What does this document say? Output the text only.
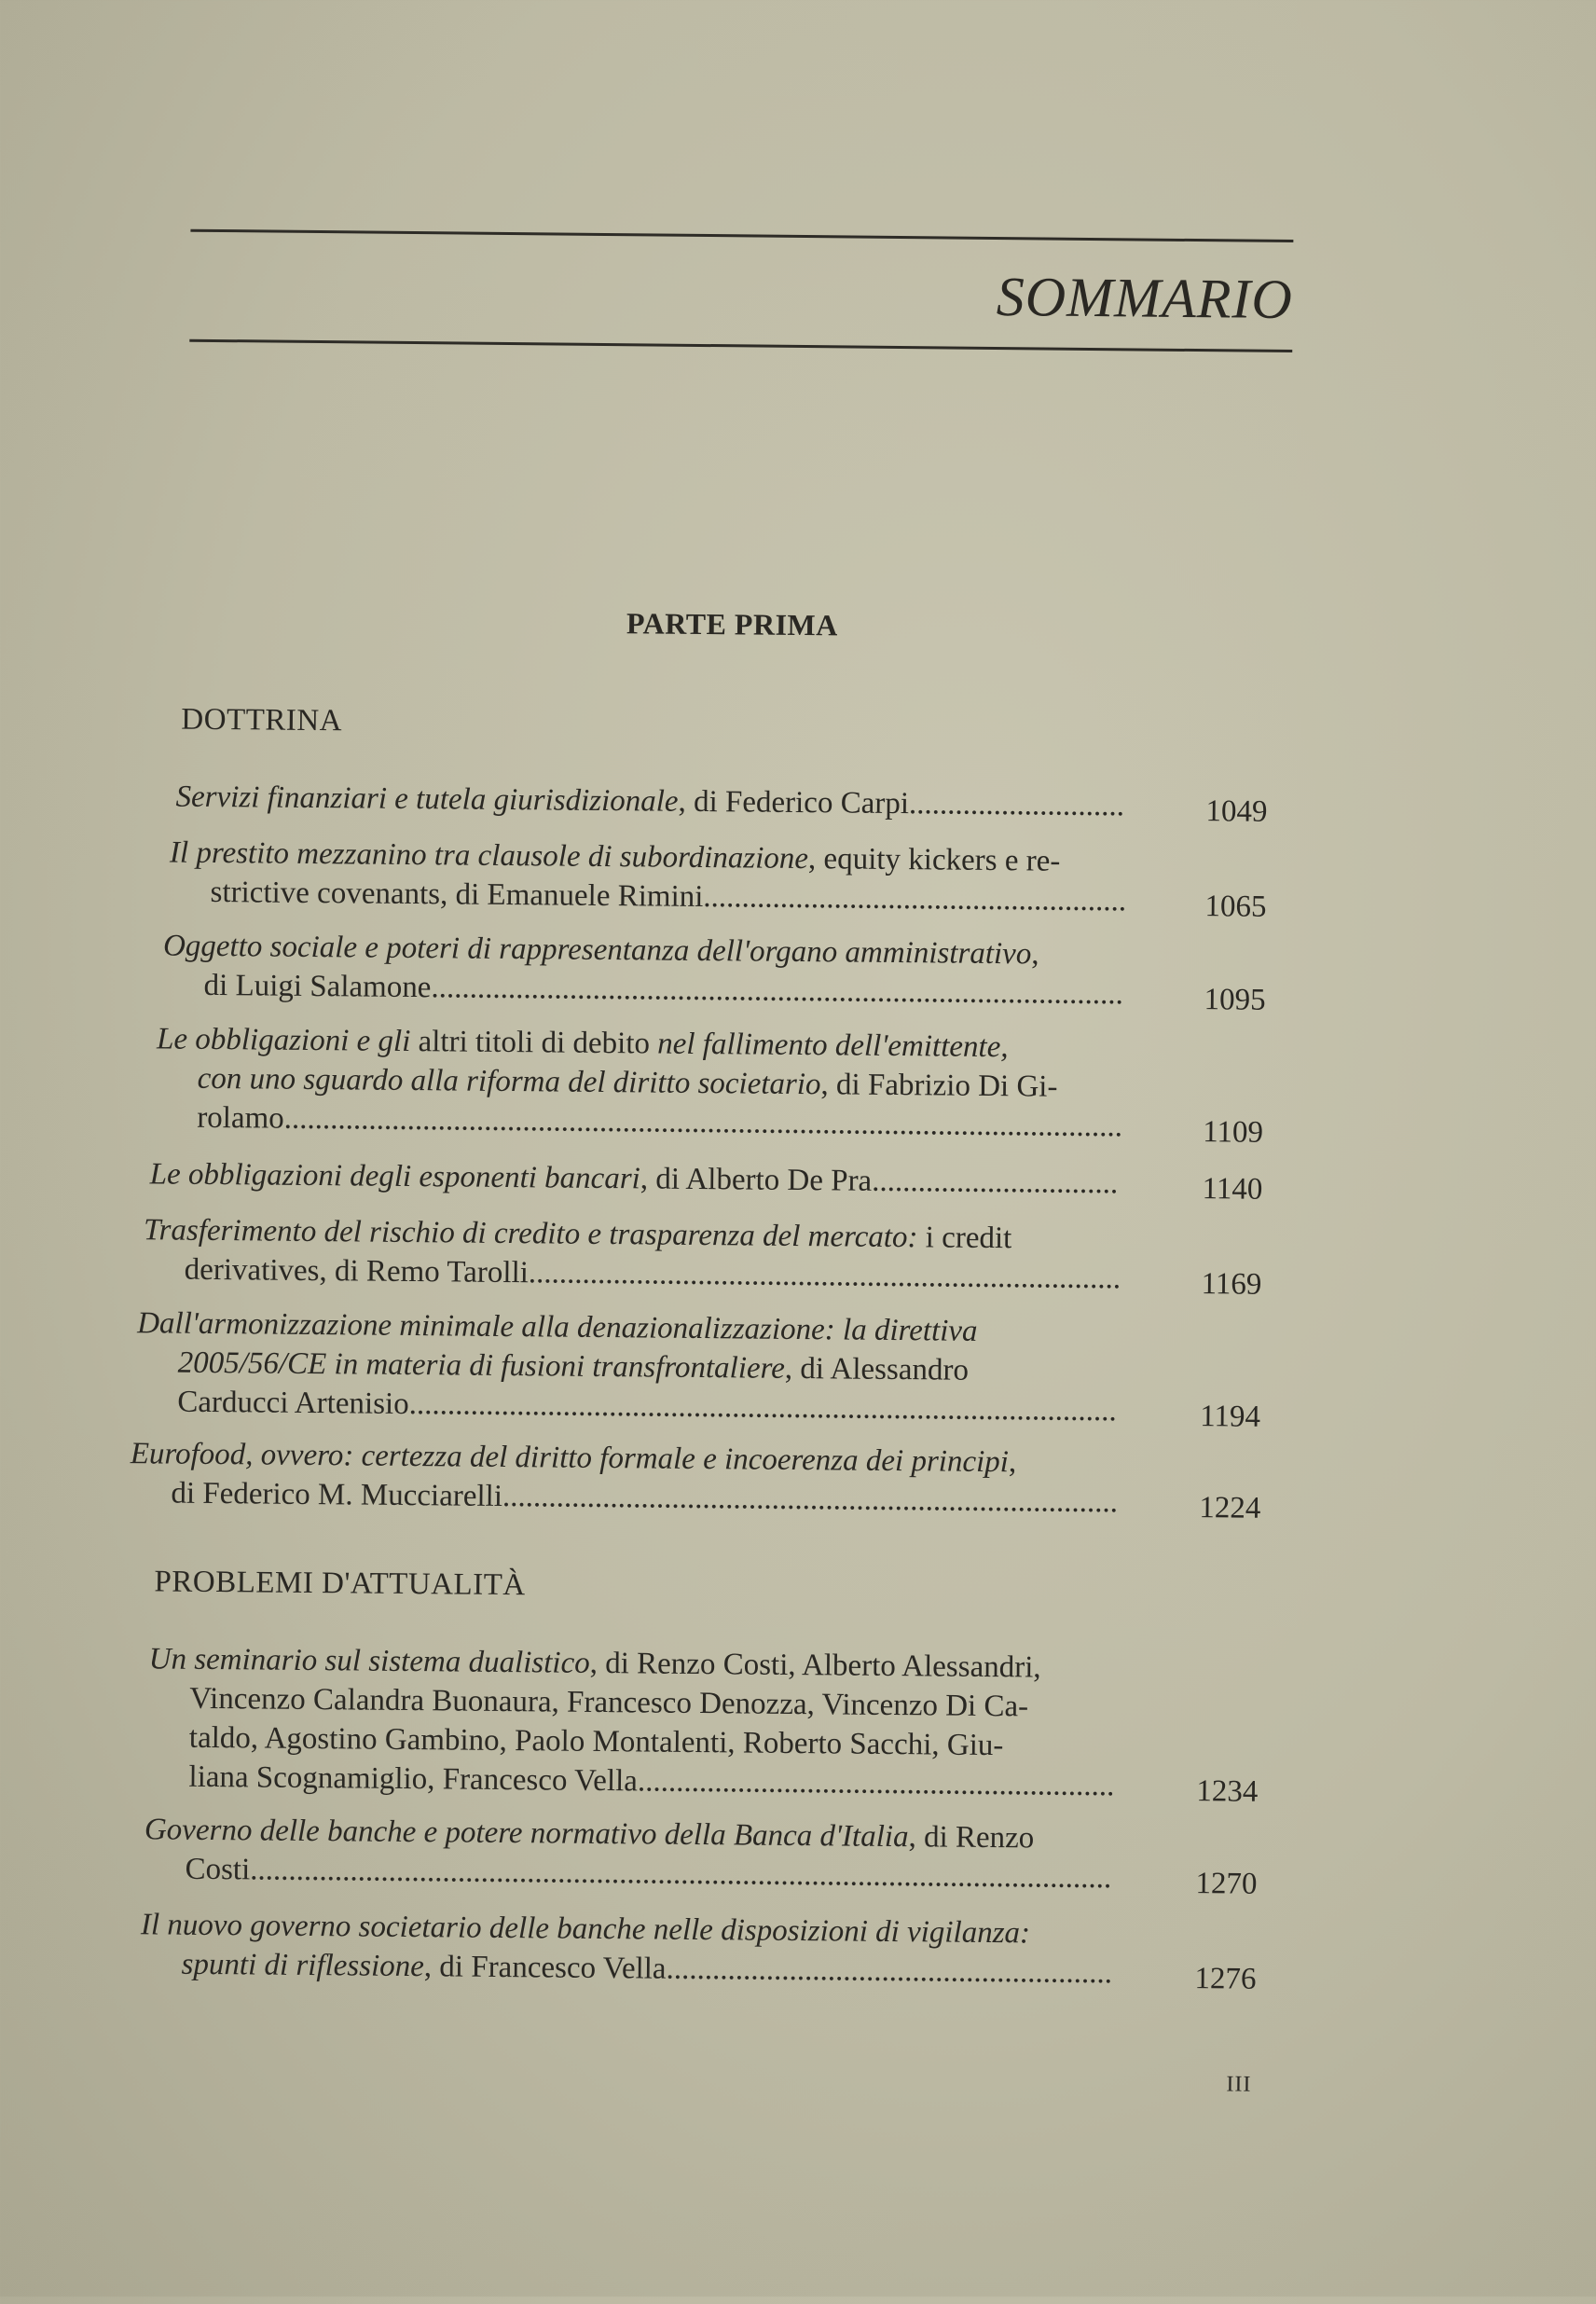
SOMMARIO
PARTE PRIMA
DOTTRINA
Servizi finanziari e tutela giurisdizionale, di Federico Carpi............................	1049
Il prestito mezzanino tra clausole di subordinazione, equity kickers e re-
strictive covenants, di Emanuele Rimini.......................................................	1065
Oggetto sociale e poteri di rappresentanza dell'organo amministrativo,
di Luigi Salamone..........................................................................................	1095
Le obbligazioni e gli altri titoli di debito nel fallimento dell'emittente,
con uno sguardo alla riforma del diritto societario, di Fabrizio Di Gi-
rolamo.............................................................................................................	1109
Le obbligazioni degli esponenti bancari, di Alberto De Pra................................	1140
Trasferimento del rischio di credito e trasparenza del mercato: i credit
derivatives, di Remo Tarolli.............................................................................	1169
Dall'armonizzazione minimale alla denazionalizzazione: la direttiva
2005/56/CE in materia di fusioni transfrontaliere, di Alessandro
Carducci Artenisio............................................................................................	1194
Eurofood, ovvero: certezza del diritto formale e incoerenza dei principi,
di Federico M. Mucciarelli................................................................................	1224
PROBLEMI D'ATTUALITÀ
Un seminario sul sistema dualistico, di Renzo Costi, Alberto Alessandri,
Vincenzo Calandra Buonaura, Francesco Denozza, Vincenzo Di Ca-
taldo, Agostino Gambino, Paolo Montalenti, Roberto Sacchi, Giu-
liana Scognamiglio, Francesco Vella..............................................................	1234
Governo delle banche e potere normativo della Banca d'Italia, di Renzo
Costi................................................................................................................	1270
Il nuovo governo societario delle banche nelle disposizioni di vigilanza:
spunti di riflessione, di Francesco Vella..........................................................	1276
III
